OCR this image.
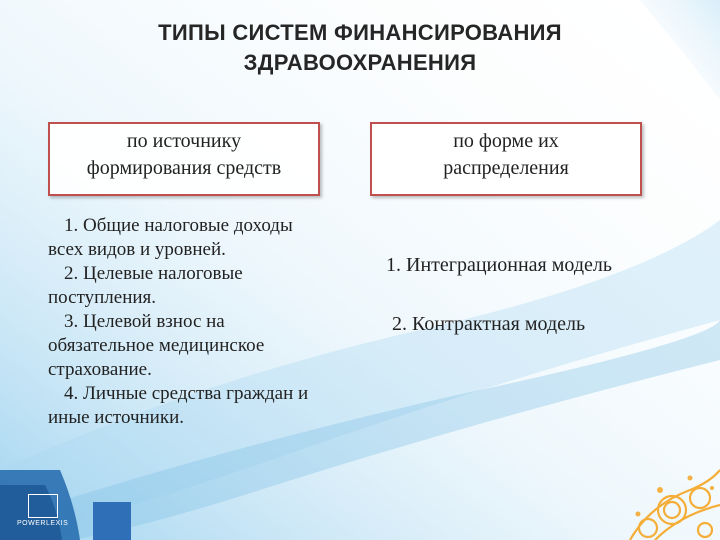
ТИПЫ СИСТЕМ ФИНАНСИРОВАНИЯ
ЗДРАВООХРАНЕНИЯ
по источнику
формирования средств
по форме их
распределения
1. Общие налоговые доходы всех видов и уровней.
2. Целевые налоговые поступления.
3. Целевой взнос на обязательное медицинское страхование.
4. Личные средства граждан и иные источники.
1. Интеграционная модель
2. Контрактная модель
POWERLEXIS
